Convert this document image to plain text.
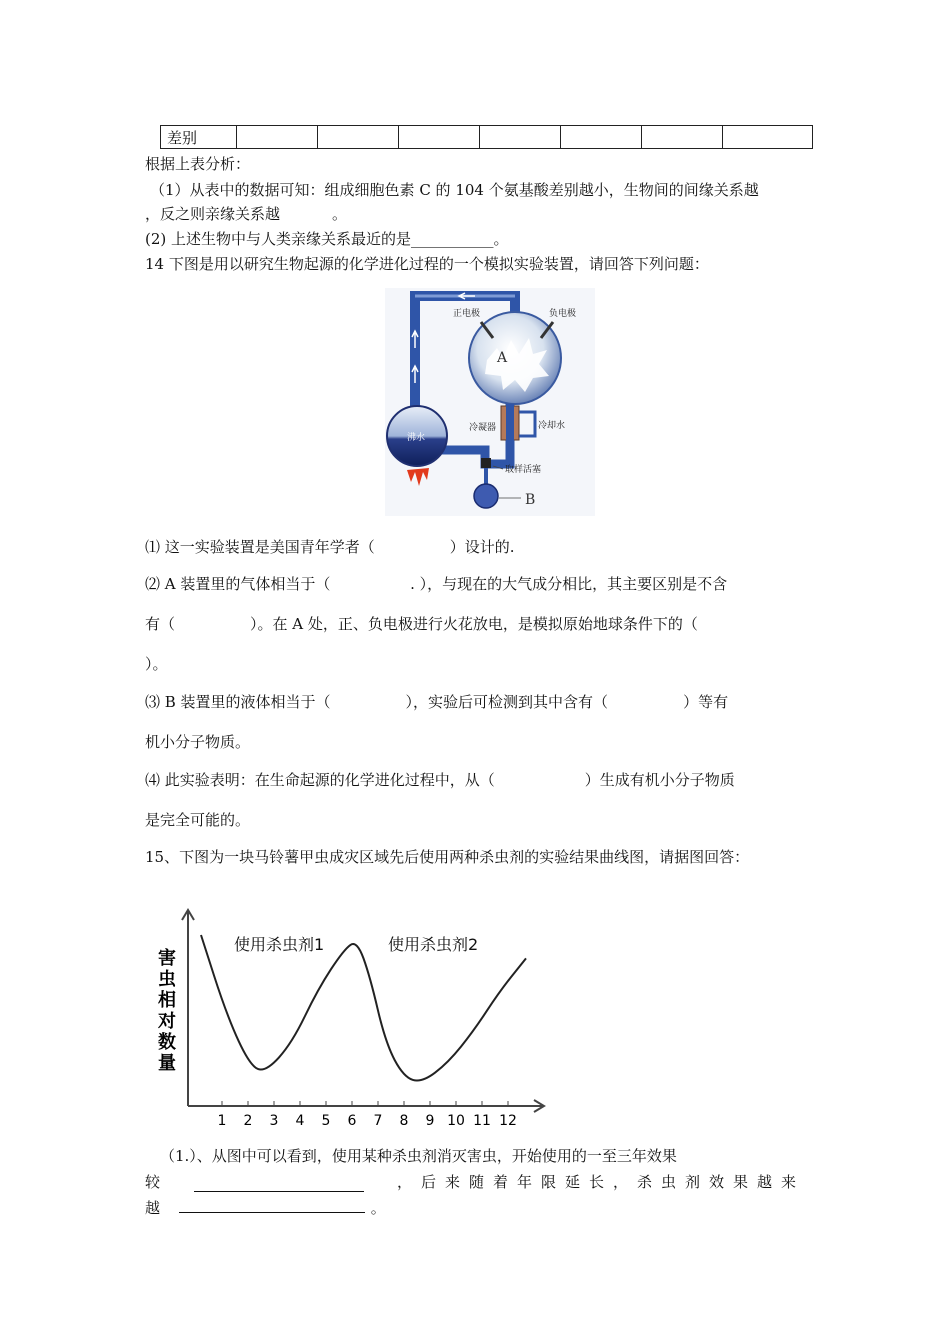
差别							
根据上表分析：
（1）从表中的数据可知：组成细胞色素 C 的 104 个氨基酸差别越小，生物间的间缘关系越
，反之则亲缘关系越	。
(2) 上述生物中与人类亲缘关系最近的是___________。
14 下图是用以研究生物起源的化学进化过程的一个模拟实验装置，请回答下列问题：
A
正电极	负电极
冷凝器	冷却水
沸水
取样活塞
B
⑴ 这一实验装置是美国青年学者（　　　　　）设计的.
⑵ A 装置里的气体相当于（　　　　　 . ），与现在的大气成分相比，其主要区别是不含
有（　　　　　）。在 A 处，正、负电极进行火花放电，是模拟原始地球条件下的（
）。
⑶ B 装置里的液体相当于（　　　　　），实验后可检测到其中含有（　　　　　）等有
机小分子物质。
⑷ 此实验表明：在生命起源的化学进化过程中，从（　　　　　　）生成有机小分子物质
是完全可能的。
15、下图为一块马铃薯甲虫成灾区域先后使用两种杀虫剂的实验结果曲线图，请据图回答：
害虫相对数量
1 2 3 4 5 6 7 8 9 10 11 12
使用杀虫剂1	使用杀虫剂2
（1.）、从图中可以看到，使用某种杀虫剂消灭害虫，开始使用的一至三年效果
较	，后来随着年限延长，杀虫剂效果越来
越	。
